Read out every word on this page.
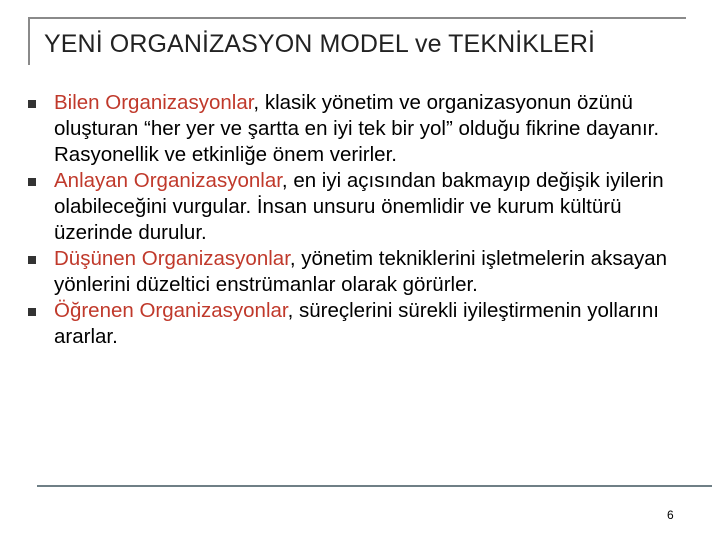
YENİ ORGANİZASYON MODEL ve TEKNİKLERİ
Bilen Organizasyonlar, klasik yönetim ve organizasyonun özünü oluşturan “her yer ve şartta en iyi tek bir yol” olduğu fikrine dayanır. Rasyonellik ve etkinliğe önem verirler.
Anlayan Organizasyonlar, en iyi açısından bakmayıp değişik iyilerin olabileceğini vurgular. İnsan unsuru önemlidir ve kurum kültürü üzerinde durulur.
Düşünen Organizasyonlar, yönetim tekniklerini işletmelerin aksayan yönlerini düzeltici enstrümanlar olarak görürler.
Öğrenen Organizasyonlar, süreçlerini sürekli iyileştirmenin yollarını ararlar.
6
